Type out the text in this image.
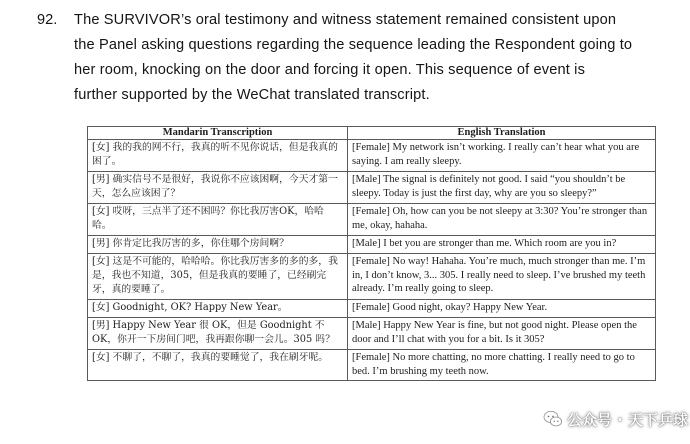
92. The SURVIVOR’s oral testimony and witness statement remained consistent upon
the Panel asking questions regarding the sequence leading the Respondent going to
her room, knocking on the door and forcing it open. This sequence of event is
further supported by the WeChat translated transcript.
Mandarin Transcription	English Translation
[女] 我的我的网不行，我真的听不见你说话，但是我真的困了。	[Female] My network isn’t working. I really can’t hear what you are saying. I am really sleepy.
[男] 确实信号不是很好，我说你不应该困啊，今天才第一天，怎么应该困了？	[Male] The signal is definitely not good. I said “you shouldn’t be sleepy. Today is just the first day, why are you so sleepy?”
[女] 哎呀，三点半了还不困吗？你比我厉害OK，哈哈哈。	[Female] Oh, how can you be not sleepy at 3:30? You’re stronger than me, okay, hahaha.
[男] 你肯定比我厉害的多，你住哪个房间啊？	[Male] I bet you are stronger than me. Which room are you in?
[女] 这是不可能的，哈哈哈。你比我厉害多的多的多，我是，我也不知道，305，但是我真的要睡了，已经刷完牙，真的要睡了。	[Female] No way! Hahaha. You’re much, much stronger than me. I’m in, I don’t know, 3... 305. I really need to sleep. I’ve brushed my teeth already. I’m really going to sleep.
[女] Goodnight, OK? Happy New Year。	[Female] Good night, okay? Happy New Year.
[男] Happy New Year 很 OK，但是 Goodnight 不OK，你开一下房间门吧，我再跟你聊一会儿。305 吗？	[Male] Happy New Year is fine, but not good night. Please open the door and I’ll chat with you for a bit. Is it 305?
[女] 不聊了，不聊了，我真的要睡觉了，我在刷牙呢。	[Female] No more chatting, no more chatting. I really need to go to bed. I’m brushing my teeth now.
公众号 · 天下乒球
